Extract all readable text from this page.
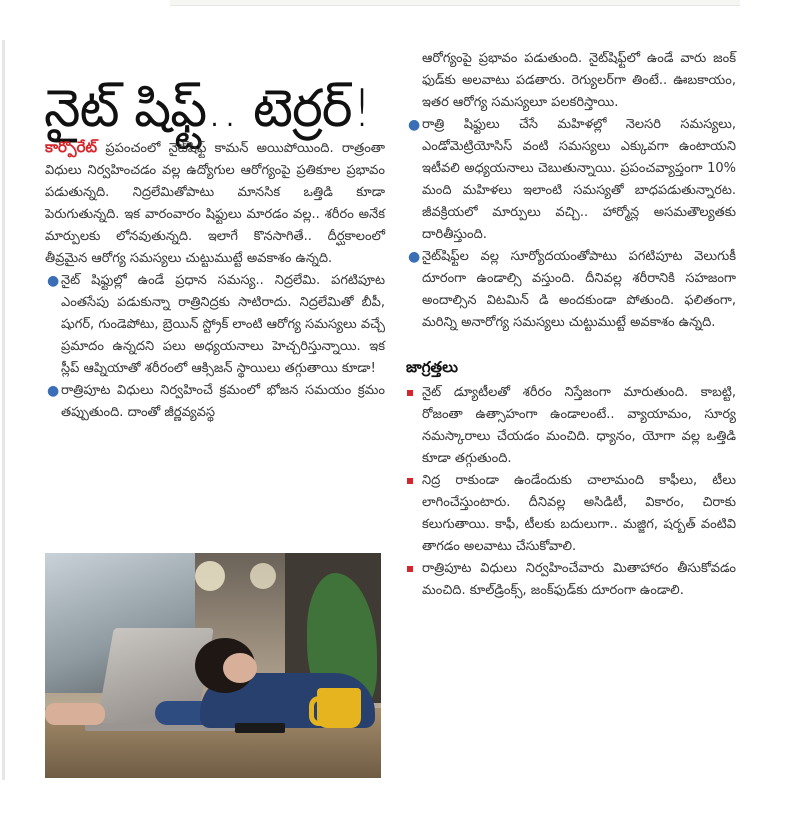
నైట్ షిఫ్ట్.. టెర్రర్!

కార్పొరేట్ ప్రపంచంలో నైట్‌షిఫ్ట్ కామన్ అయిపోయింది. రాత్రంతా విధులు నిర్వహించడం వల్ల ఉద్యోగుల ఆరోగ్యంపై ప్రతికూల ప్రభావం పడుతున్నది. నిద్రలేమితోపాటు మానసిక ఒత్తిడి కూడా పెరుగుతున్నది. ఇక వారంవారం షిఫ్టులు మారడం వల్ల.. శరీరం అనేక మార్పులకు లోనవుతున్నది. ఇలాగే కొనసాగితే.. దీర్ఘకాలంలో తీవ్రమైన ఆరోగ్య సమస్యలు చుట్టుముట్టే అవకాశం ఉన్నది.

● నైట్ షిఫ్టుల్లో ఉండే ప్రధాన సమస్య.. నిద్రలేమి. పగటిపూట ఎంతసేపు పడుకున్నా రాత్రినిద్రకు సాటిరాదు. నిద్రలేమితో బీపీ, షుగర్, గుండెపోటు, బ్రెయిన్ స్ట్రోక్ లాంటి ఆరోగ్య సమస్యలు వచ్చే ప్రమాదం ఉన్నదని పలు అధ్యయనాలు హెచ్చరిస్తున్నాయి. ఇక స్లీప్ ఆప్నియాతో శరీరంలో ఆక్సిజన్ స్థాయిలు తగ్గుతాయి కూడా!
● రాత్రిపూట విధులు నిర్వహించే క్రమంలో భోజన సమయం క్రమం తప్పుతుంది. దాంతో జీర్ణవ్యవస్థ

ఆరోగ్యంపై ప్రభావం పడుతుంది. నైట్‌షిఫ్ట్‌లో ఉండే వారు జంక్ ఫుడ్‌కు అలవాటు పడతారు. రెగ్యులర్‌గా తింటే.. ఊబకాయం, ఇతర ఆరోగ్య సమస్యలూ పలకరిస్తాయి.

● రాత్రి షిఫ్టులు చేసే మహిళల్లో నెలసరి సమస్యలు, ఎండోమెట్రియోసిస్ వంటి సమస్యలు ఎక్కువగా ఉంటాయని ఇటీవలి అధ్యయనాలు చెబుతున్నాయి. ప్రపంచవ్యాప్తంగా 10% మంది మహిళలు ఇలాంటి సమస్యతో బాధపడుతున్నారట. జీవక్రియలో మార్పులు వచ్చి.. హార్మోన్ల అసమతౌల్యతకు దారితీస్తుంది.
● నైట్‌షిఫ్ట్‌ల వల్ల సూర్యోదయంతోపాటు పగటిపూట వెలుగుకీ దూరంగా ఉండాల్సి వస్తుంది. దీనివల్ల శరీరానికి సహజంగా అందాల్సిన విటమిన్ డి అందకుండా పోతుంది. ఫలితంగా, మరిన్ని అనారోగ్య సమస్యలు చుట్టుముట్టే అవకాశం ఉన్నది.
జాగ్రత్తలు
నైట్ డ్యూటీలతో శరీరం నిస్తేజంగా మారుతుంది. కాబట్టి, రోజంతా ఉత్సాహంగా ఉండాలంటే.. వ్యాయామం, సూర్య నమస్కారాలు చేయడం మంచిది. ధ్యానం, యోగా వల్ల ఒత్తిడి కూడా తగ్గుతుంది.
నిద్ర రాకుండా ఉండేందుకు చాలామంది కాఫీలు, టీలు లాగించేస్తుంటారు. దీనివల్ల అసిడిటీ, వికారం, చిరాకు కలుగుతాయి. కాఫీ, టీలకు బదులుగా.. మజ్జిగ, షర్బత్ వంటివి తాగడం అలవాటు చేసుకోవాలి.
రాత్రిపూట విధులు నిర్వహించేవారు మితాహారం తీసుకోవడం మంచిది. కూల్‌డ్రింక్స్, జంక్‌ఫుడ్‌కు దూరంగా ఉండాలి.
